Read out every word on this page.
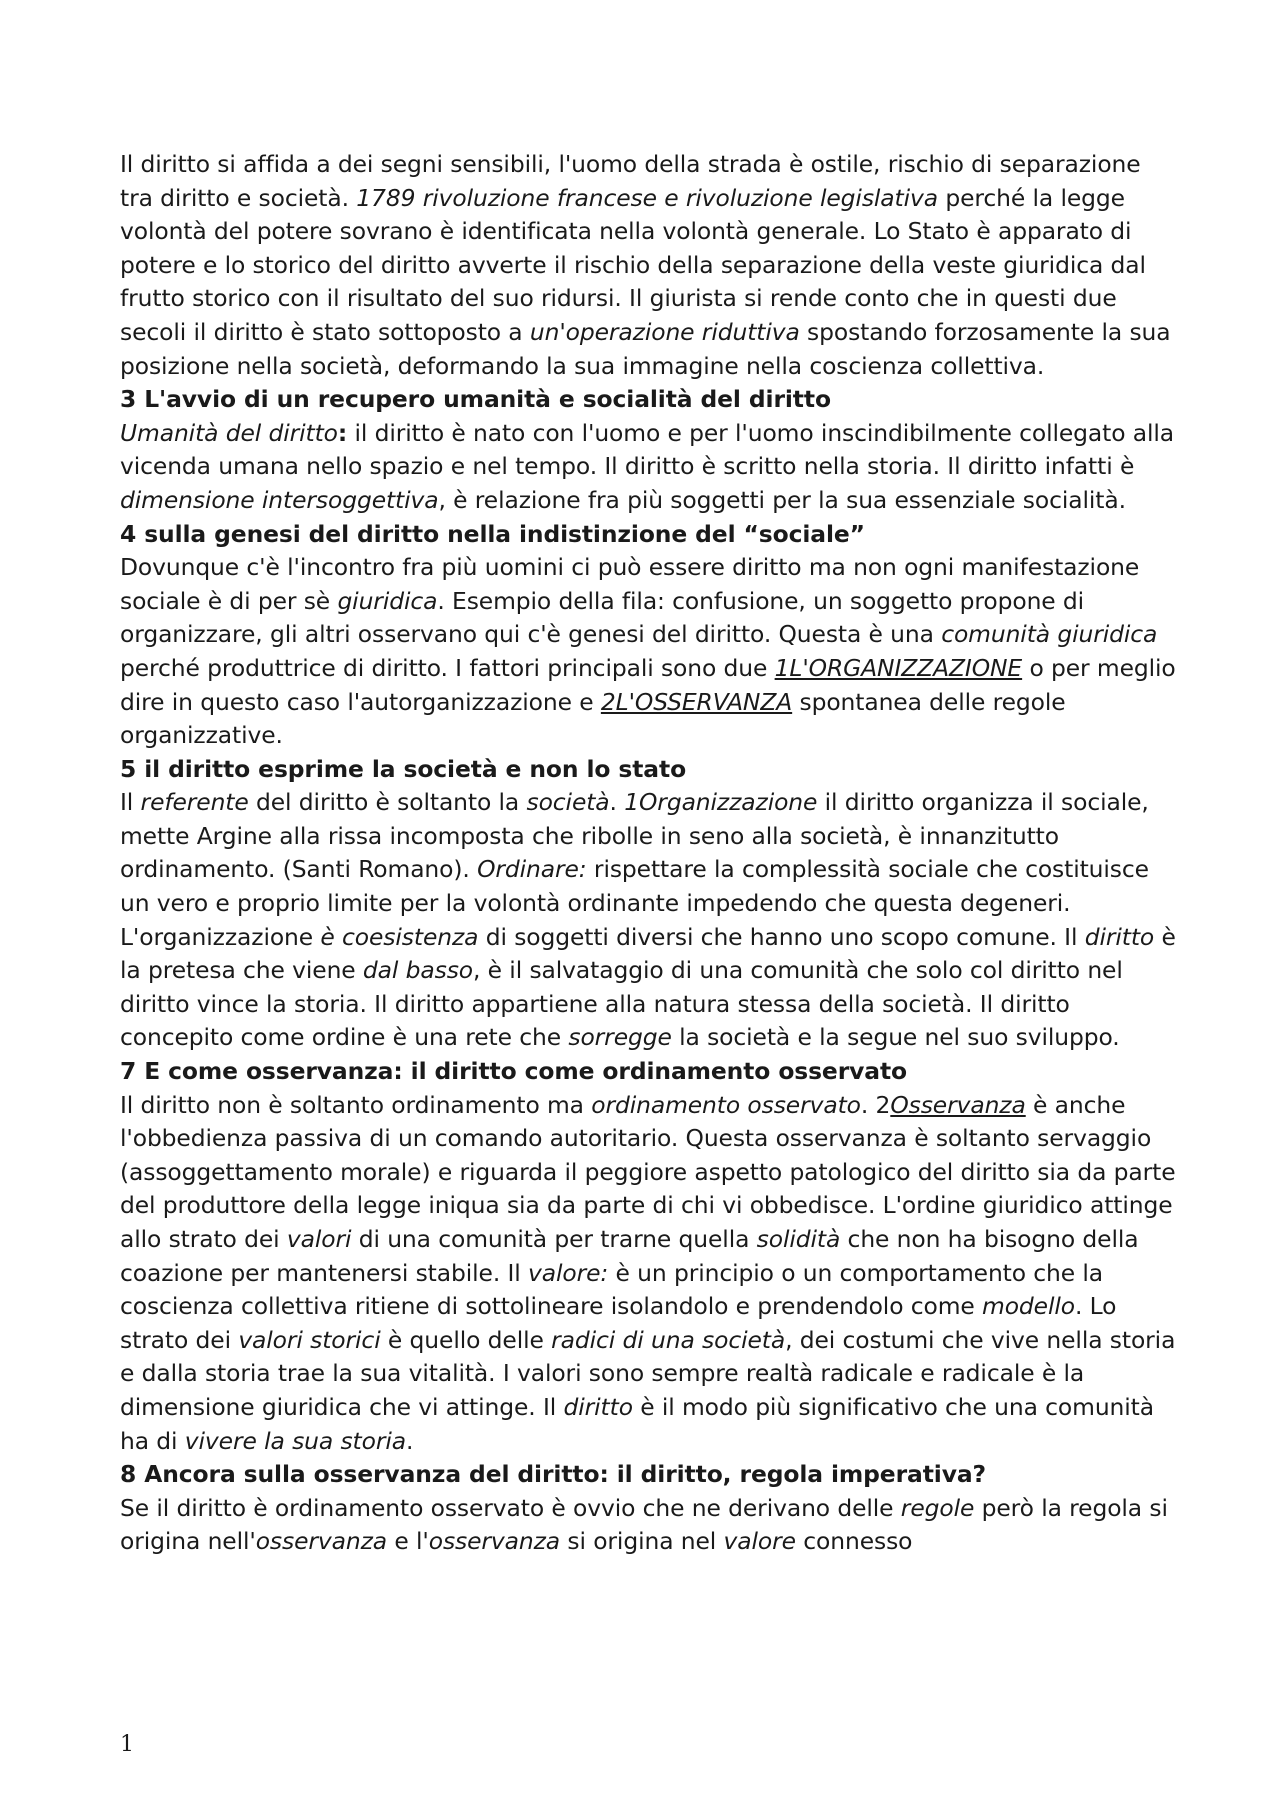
Il diritto si affida a dei segni sensibili, l'uomo della strada è ostile, rischio di separazione tra diritto e società. 1789 rivoluzione francese e rivoluzione legislativa perché la legge volontà del potere sovrano è identificata nella volontà generale. Lo Stato è apparato di potere e lo storico del diritto avverte il rischio della separazione della veste giuridica dal frutto storico con il risultato del suo ridursi. Il giurista si rende conto che in questi due secoli il diritto è stato sottoposto a un'operazione riduttiva spostando forzosamente la sua posizione nella società, deformando la sua immagine nella coscienza collettiva.

3 L'avvio di un recupero umanità e socialità del diritto

Umanità del diritto: il diritto è nato con l'uomo e per l'uomo inscindibilmente collegato alla vicenda umana nello spazio e nel tempo. Il diritto è scritto nella storia. Il diritto infatti è dimensione intersoggettiva, è relazione fra più soggetti per la sua essenziale socialità.

4 sulla genesi del diritto nella indistinzione del “sociale”

Dovunque c'è l'incontro fra più uomini ci può essere diritto ma non ogni manifestazione sociale è di per sè giuridica. Esempio della fila: confusione, un soggetto propone di organizzare, gli altri osservano qui c'è genesi del diritto. Questa è una comunità giuridica perché produttrice di diritto. I fattori principali sono due 1L'ORGANIZZAZIONE o per meglio dire in questo caso l'autorganizzazione e 2L'OSSERVANZA spontanea delle regole organizzative.

5 il diritto esprime la società e non lo stato

Il referente del diritto è soltanto la società. 1Organizzazione il diritto organizza il sociale, mette Argine alla rissa incomposta che ribolle in seno alla società, è innanzitutto ordinamento. (Santi Romano). Ordinare: rispettare la complessità sociale che costituisce un vero e proprio limite per la volontà ordinante impedendo che questa degeneri. L'organizzazione è coesistenza di soggetti diversi che hanno uno scopo comune. Il diritto è la pretesa che viene dal basso, è il salvataggio di una comunità che solo col diritto nel diritto vince la storia. Il diritto appartiene alla natura stessa della società. Il diritto concepito come ordine è una rete che sorregge la società e la segue nel suo sviluppo.

7 E come osservanza: il diritto come ordinamento osservato

Il diritto non è soltanto ordinamento ma ordinamento osservato. 2Osservanza è anche l'obbedienza passiva di un comando autoritario. Questa osservanza è soltanto servaggio (assoggettamento morale) e riguarda il peggiore aspetto patologico del diritto sia da parte del produttore della legge iniqua sia da parte di chi vi obbedisce. L'ordine giuridico attinge allo strato dei valori di una comunità per trarne quella solidità che non ha bisogno della coazione per mantenersi stabile. Il valore: è un principio o un comportamento che la coscienza collettiva ritiene di sottolineare isolandolo e prendendolo come modello. Lo strato dei valori storici è quello delle radici di una società, dei costumi che vive nella storia e dalla storia trae la sua vitalità. I valori sono sempre realtà radicale e radicale è la dimensione giuridica che vi attinge. Il diritto è il modo più significativo che una comunità ha di vivere la sua storia.

8 Ancora sulla osservanza del diritto: il diritto, regola imperativa?

Se il diritto è ordinamento osservato è ovvio che ne derivano delle regole però la regola si origina nell'osservanza e l'osservanza si origina nel valore connesso

1
